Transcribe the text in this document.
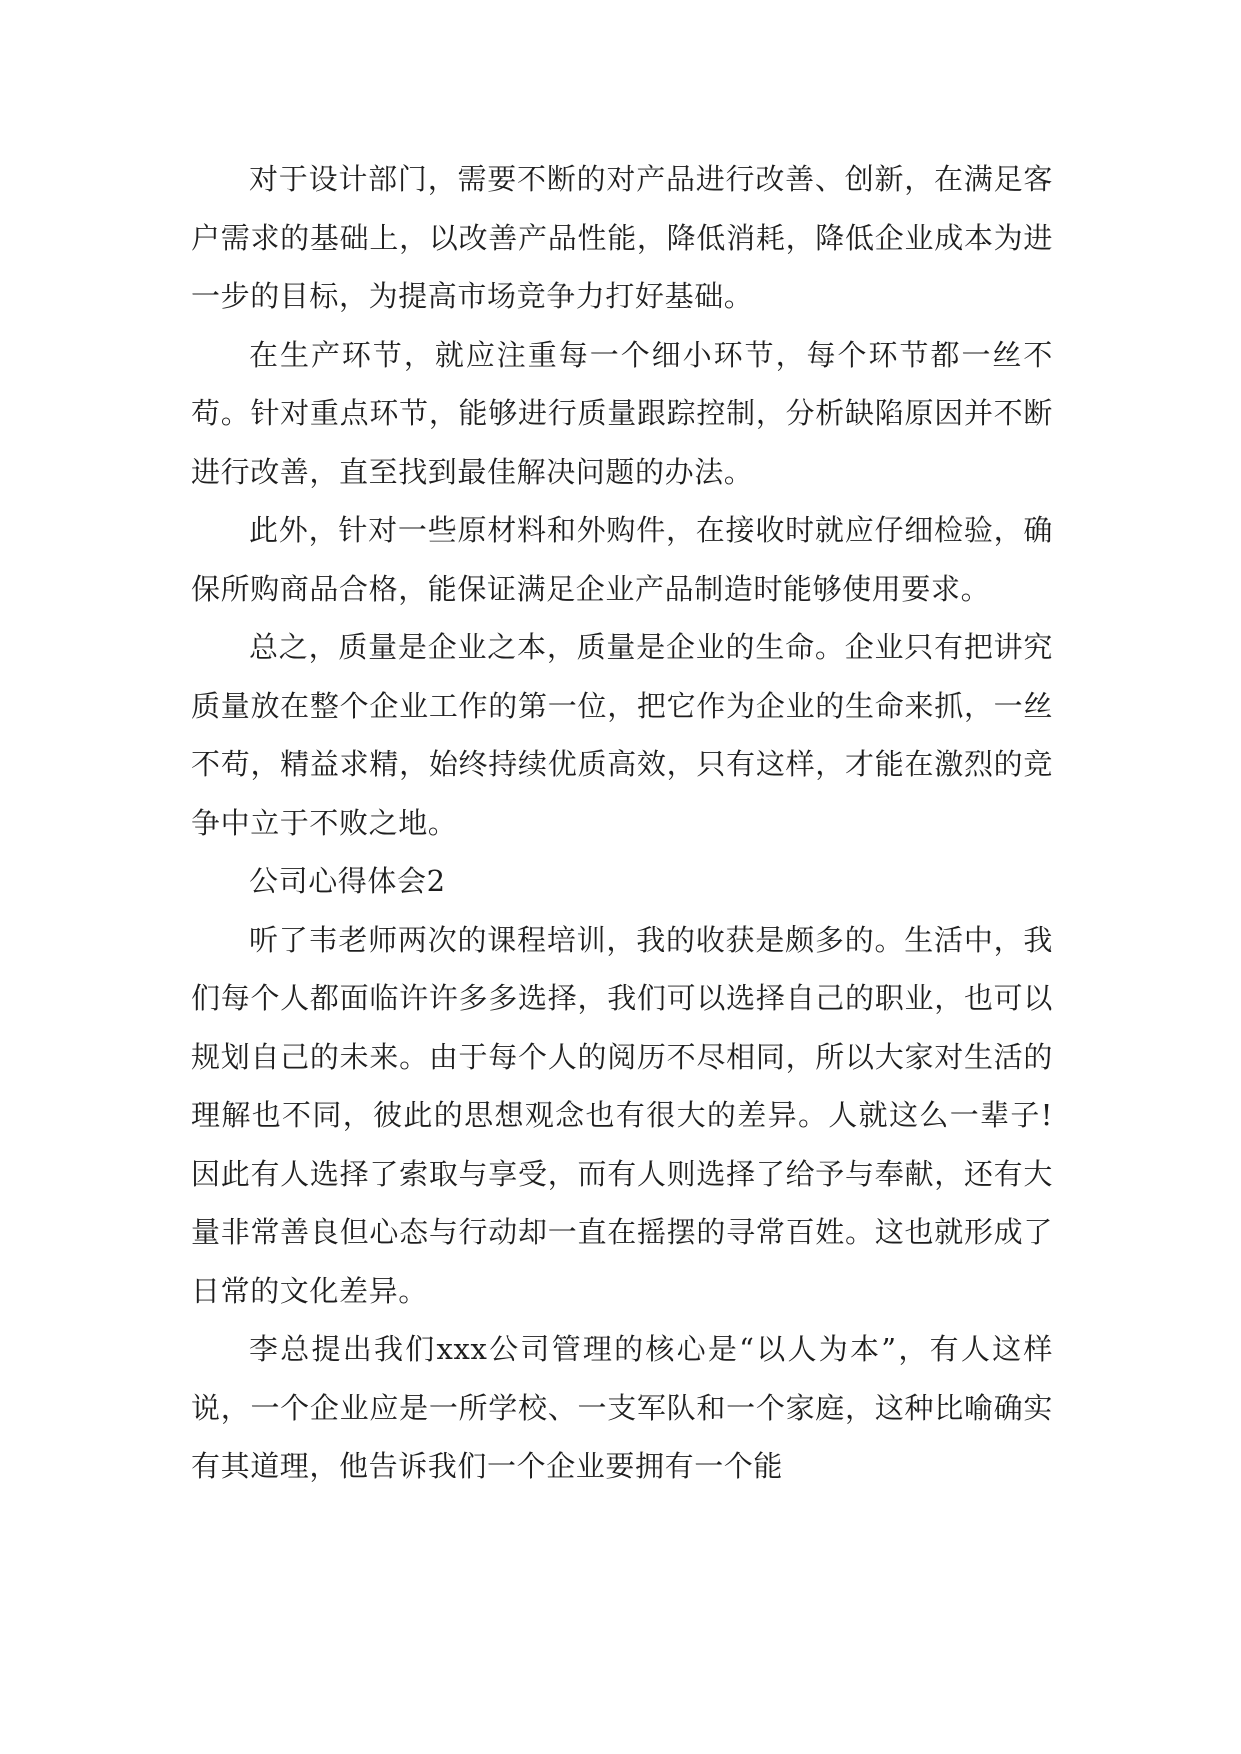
对于设计部门，需要不断的对产品进行改善、创新，在满足客户需求的基础上，以改善产品性能，降低消耗，降低企业成本为进一步的目标，为提高市场竞争力打好基础。

在生产环节，就应注重每一个细小环节，每个环节都一丝不苟。针对重点环节，能够进行质量跟踪控制，分析缺陷原因并不断进行改善，直至找到最佳解决问题的办法。

此外，针对一些原材料和外购件，在接收时就应仔细检验，确保所购商品合格，能保证满足企业产品制造时能够使用要求。

总之，质量是企业之本，质量是企业的生命。企业只有把讲究质量放在整个企业工作的第一位，把它作为企业的生命来抓，一丝不苟，精益求精，始终持续优质高效，只有这样，才能在激烈的竞争中立于不败之地。

公司心得体会2

听了韦老师两次的课程培训，我的收获是颇多的。生活中，我们每个人都面临许许多多选择，我们可以选择自己的职业，也可以规划自己的未来。由于每个人的阅历不尽相同，所以大家对生活的理解也不同，彼此的思想观念也有很大的差异。人就这么一辈子!因此有人选择了索取与享受，而有人则选择了给予与奉献，还有大量非常善良但心态与行动却一直在摇摆的寻常百姓。这也就形成了日常的文化差异。

李总提出我们xxx公司管理的核心是“以人为本”，有人这样说，一个企业应是一所学校、一支军队和一个家庭，这种比喻确实有其道理，他告诉我们一个企业要拥有一个能
